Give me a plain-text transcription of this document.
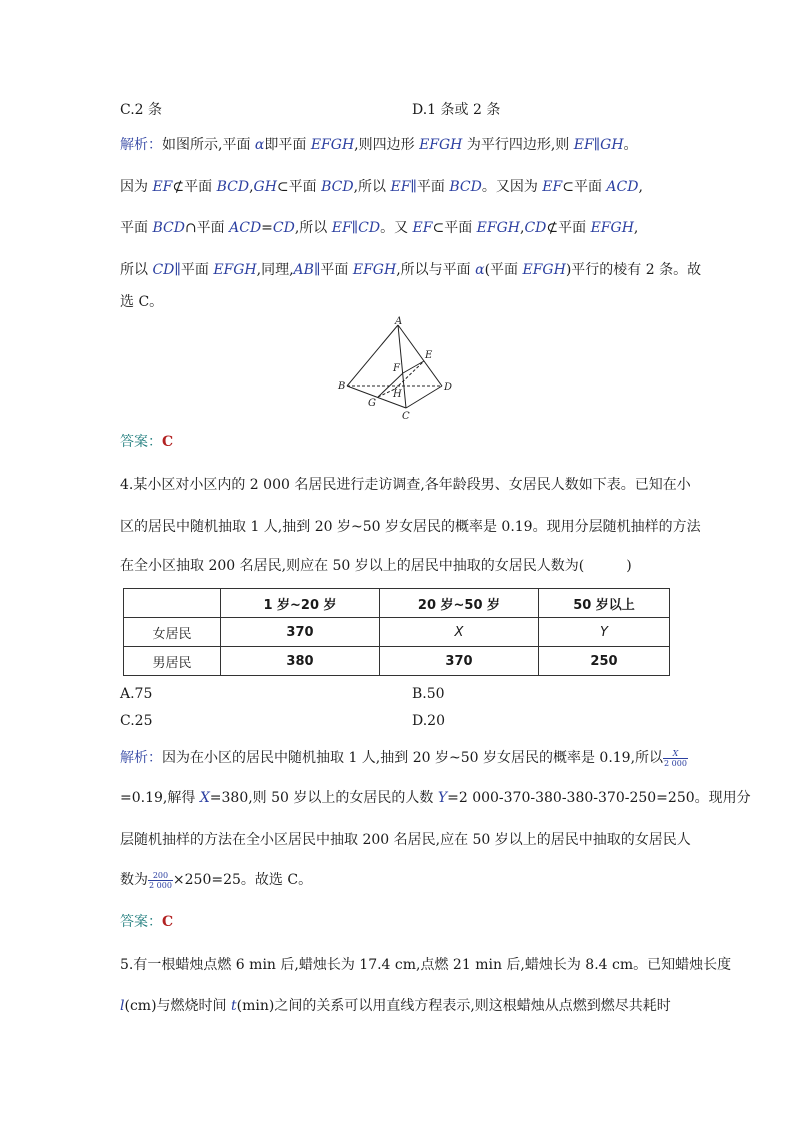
C.2 条	D.1 条或 2 条
解析：如图所示,平面 α即平面 EFGH,则四边形 EFGH 为平行四边形,则 EF∥GH。
因为 EF⊄平面 BCD,GH⊂平面 BCD,所以 EF∥平面 BCD。又因为 EF⊂平面 ACD,
平面 BCD∩平面 ACD=CD,所以 EF∥CD。又 EF⊂平面 EFGH,CD⊄平面 EFGH,
所以 CD∥平面 EFGH,同理,AB∥平面 EFGH,所以与平面 α(平面 EFGH)平行的棱有 2 条。故
选 C。
A
B
C
D
E
F
G
H
答案：C
4.某小区对小区内的 2 000 名居民进行走访调查,各年龄段男、女居民人数如下表。已知在小
区的居民中随机抽取 1 人,抽到 20 岁~50 岁女居民的概率是 0.19。现用分层随机抽样的方法
在全小区抽取 200 名居民,则应在 50 岁以上的居民中抽取的女居民人数为(　　　)
	1 岁~20 岁	20 岁~50 岁	50 岁以上
女居民	370	X	Y
男居民	380	370	250
A.75	B.50
C.25	D.20
解析：因为在小区的居民中随机抽取 1 人,抽到 20 岁~50 岁女居民的概率是 0.19,所以 $\frac{X}{2 000}$
=0.19,解得 X=380,则 50 岁以上的女居民的人数 Y=2 000-370-380-380-370-250=250。现用分
层随机抽样的方法在全小区居民中抽取 200 名居民,应在 50 岁以上的居民中抽取的女居民人
数为 $\frac{200}{2 000} \times 250=25$。故选 C。
答案：C
5.有一根蜡烛点燃 6 min 后,蜡烛长为 17.4 cm,点燃 21 min 后,蜡烛长为 8.4 cm。已知蜡烛长度
l(cm)与燃烧时间 t(min)之间的关系可以用直线方程表示,则这根蜡烛从点燃到燃尽共耗时
